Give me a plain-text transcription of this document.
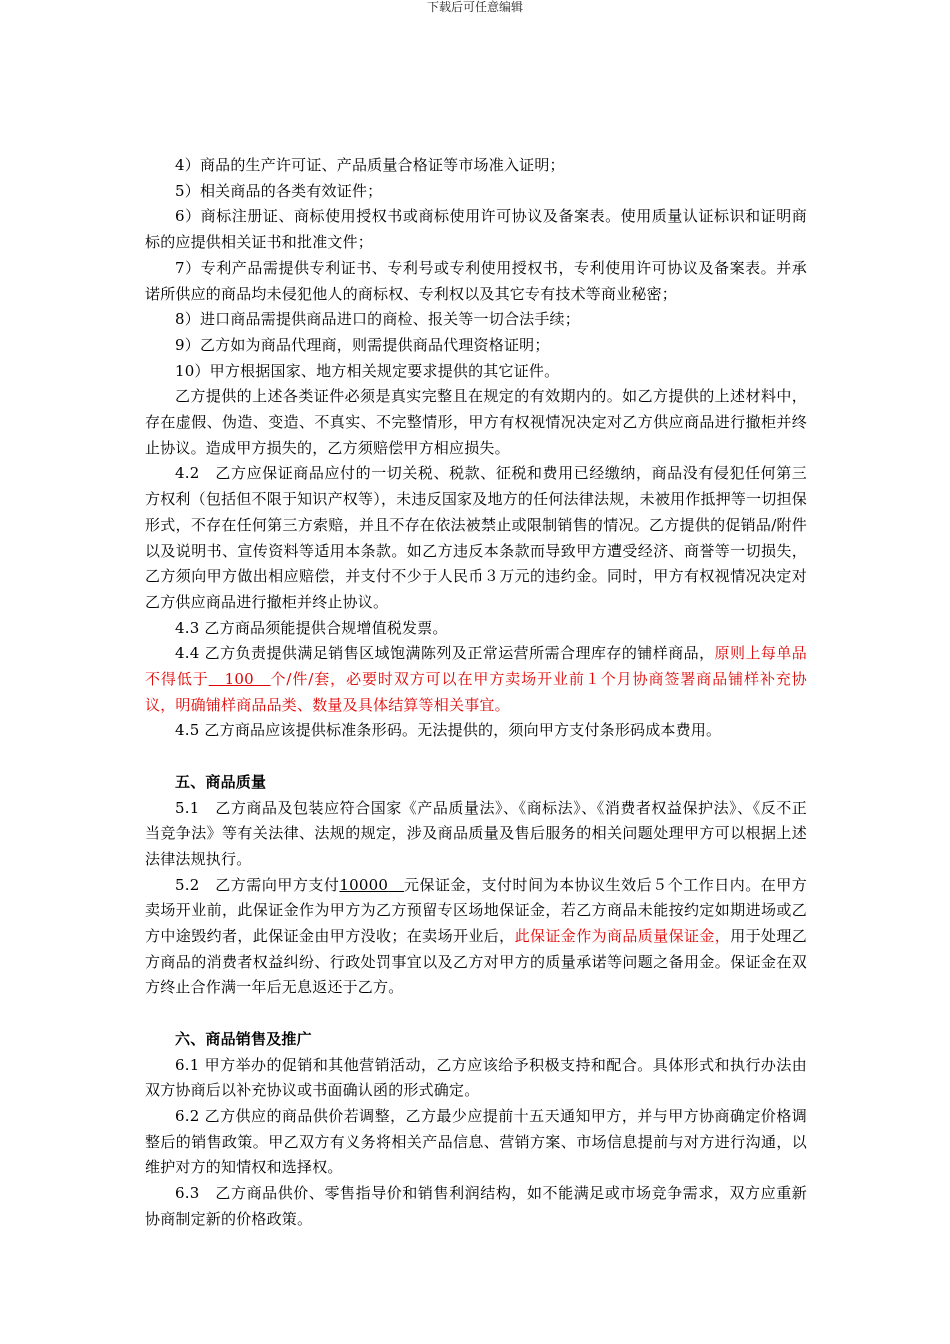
下载后可任意编辑

4）商品的生产许可证、产品质量合格证等市场准入证明；

5）相关商品的各类有效证件；

6）商标注册证、商标使用授权书或商标使用许可协议及备案表。使用质量认证标识和证明商标的应提供相关证书和批准文件；

7）专利产品需提供专利证书、专利号或专利使用授权书，专利使用许可协议及备案表。并承诺所供应的商品均未侵犯他人的商标权、专利权以及其它专有技术等商业秘密；

8）进口商品需提供商品进口的商检、报关等一切合法手续；

9）乙方如为商品代理商，则需提供商品代理资格证明；

10）甲方根据国家、地方相关规定要求提供的其它证件。

乙方提供的上述各类证件必须是真实完整且在规定的有效期内的。如乙方提供的上述材料中，存在虚假、伪造、变造、不真实、不完整情形，甲方有权视情况决定对乙方供应商品进行撤柜并终止协议。造成甲方损失的，乙方须赔偿甲方相应损失。

4.2　乙方应保证商品应付的一切关税、税款、征税和费用已经缴纳，商品没有侵犯任何第三方权利（包括但不限于知识产权等），未违反国家及地方的任何法律法规，未被用作抵押等一切担保形式，不存在任何第三方索赔，并且不存在依法被禁止或限制销售的情况。乙方提供的促销品/附件以及说明书、宣传资料等适用本条款。如乙方违反本条款而导致甲方遭受经济、商誉等一切损失，乙方须向甲方做出相应赔偿，并支付不少于人民币３万元的违约金。同时，甲方有权视情况决定对乙方供应商品进行撤柜并终止协议。

4.3 乙方商品须能提供合规增值税发票。

4.4 乙方负责提供满足销售区域饱满陈列及正常运营所需合理库存的铺样商品，原则上每单品不得低于　100　个/件/套，必要时双方可以在甲方卖场开业前１个月协商签署商品铺样补充协议，明确铺样商品品类、数量及具体结算等相关事宜。

4.5 乙方商品应该提供标准条形码。无法提供的，须向甲方支付条形码成本费用。

五、商品质量

5.1　乙方商品及包装应符合国家《产品质量法》、《商标法》、《消费者权益保护法》、《反不正当竞争法》等有关法律、法规的规定，涉及商品质量及售后服务的相关问题处理甲方可以根据上述法律法规执行。

5.2　乙方需向甲方支付10000　 元保证金，支付时间为本协议生效后５个工作日内。在甲方卖场开业前，此保证金作为甲方为乙方预留专区场地保证金，若乙方商品未能按约定如期进场或乙方中途毁约者，此保证金由甲方没收；在卖场开业后，此保证金作为商品质量保证金，用于处理乙方商品的消费者权益纠纷、行政处罚事宜以及乙方对甲方的质量承诺等问题之备用金。保证金在双方终止合作满一年后无息返还于乙方。

六、商品销售及推广

6.1 甲方举办的促销和其他营销活动，乙方应该给予积极支持和配合。具体形式和执行办法由双方协商后以补充协议或书面确认函的形式确定。

6.2 乙方供应的商品供价若调整，乙方最少应提前十五天通知甲方，并与甲方协商确定价格调整后的销售政策。甲乙双方有义务将相关产品信息、营销方案、市场信息提前与对方进行沟通，以维护对方的知情权和选择权。

6.3　乙方商品供价、零售指导价和销售利润结构，如不能满足或市场竞争需求，双方应重新协商制定新的价格政策。
